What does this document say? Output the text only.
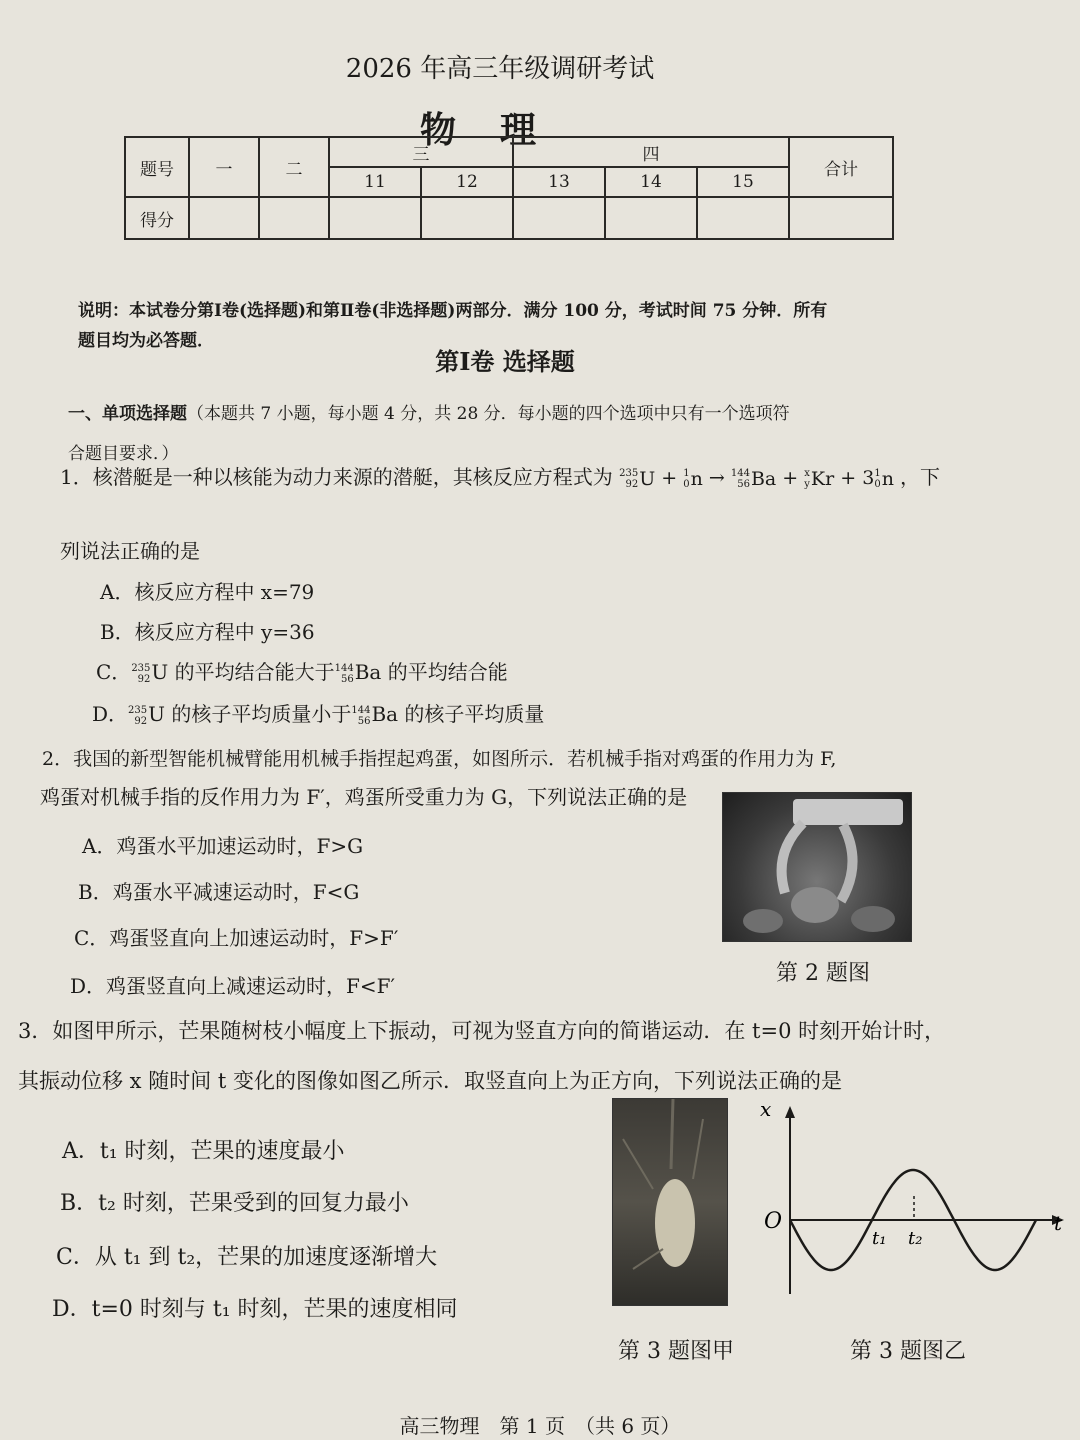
2026 年高三年级调研考试
物理
题号	一	二	三		四			合计
			11	12	13	14	15	
得分								
说明：本试卷分第Ⅰ卷(选择题)和第Ⅱ卷(非选择题)两部分．满分 100 分，考试时间 75 分钟．所有
题目均为必答题．
第Ⅰ卷 选择题
一、单项选择题（本题共 7 小题，每小题 4 分，共 28 分．每小题的四个选项中只有一个选项符
合题目要求．）
1．核潜艇是一种以核能为动力来源的潜艇，其核反应方程式为 235
92 U + 1
0 n → 144
56 Ba + x
y Kr + 3 1
0 n ，下
列说法正确的是
A．核反应方程中 x=79
B．核反应方程中 y=36
C． 235
92 U 的平均结合能大于 144
56 Ba 的平均结合能
D． 235
92 U 的核子平均质量小于 144
56 Ba 的核子平均质量
2．我国的新型智能机械臂能用机械手指捏起鸡蛋，如图所示．若机械手指对鸡蛋的作用力为 F,
鸡蛋对机械手指的反作用力为 F′，鸡蛋所受重力为 G，下列说法正确的是
A．鸡蛋水平加速运动时，F>G
B．鸡蛋水平减速运动时，F<G
C．鸡蛋竖直向上加速运动时，F>F′
D．鸡蛋竖直向上减速运动时，F<F′	第 2 题图
3．如图甲所示，芒果随树枝小幅度上下振动，可视为竖直方向的简谐运动．在 t=0 时刻开始计时，
其振动位移 x 随时间 t 变化的图像如图乙所示．取竖直向上为正方向，下列说法正确的是
A．t₁ 时刻，芒果的速度最小
B．t₂ 时刻，芒果受到的回复力最小
C．从 t₁ 到 t₂，芒果的加速度逐渐增大
D．t=0 时刻与 t₁ 时刻，芒果的速度相同
第 3 题图甲
x
O	t
t₁ t₂
第 3 题图乙
高三物理　第 1 页　（共 6 页）
